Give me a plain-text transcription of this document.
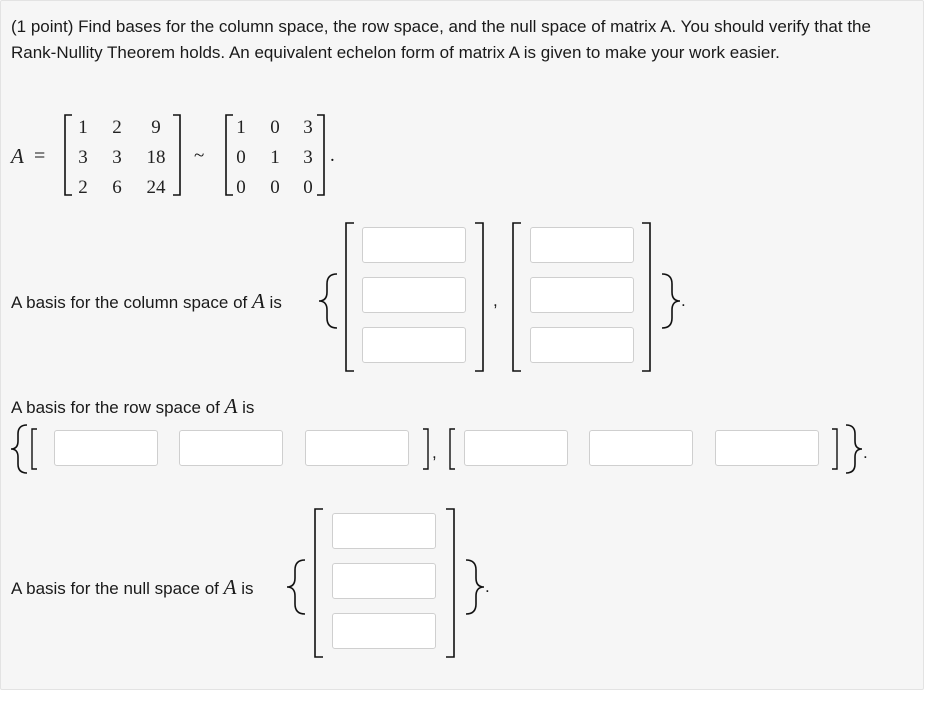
(1 point) Find bases for the column space, the row space, and the null space of matrix A. You should verify that the Rank-Nullity Theorem holds. An equivalent echelon form of matrix A is given to make your work easier.
A =
1	2	9
3	3	18
2	6	24
~
1	0	3
0	1	3
0	0	0
.
A basis for the column space of A is	,	.
A basis for the row space of A is
,	.
A basis for the null space of A is	.
